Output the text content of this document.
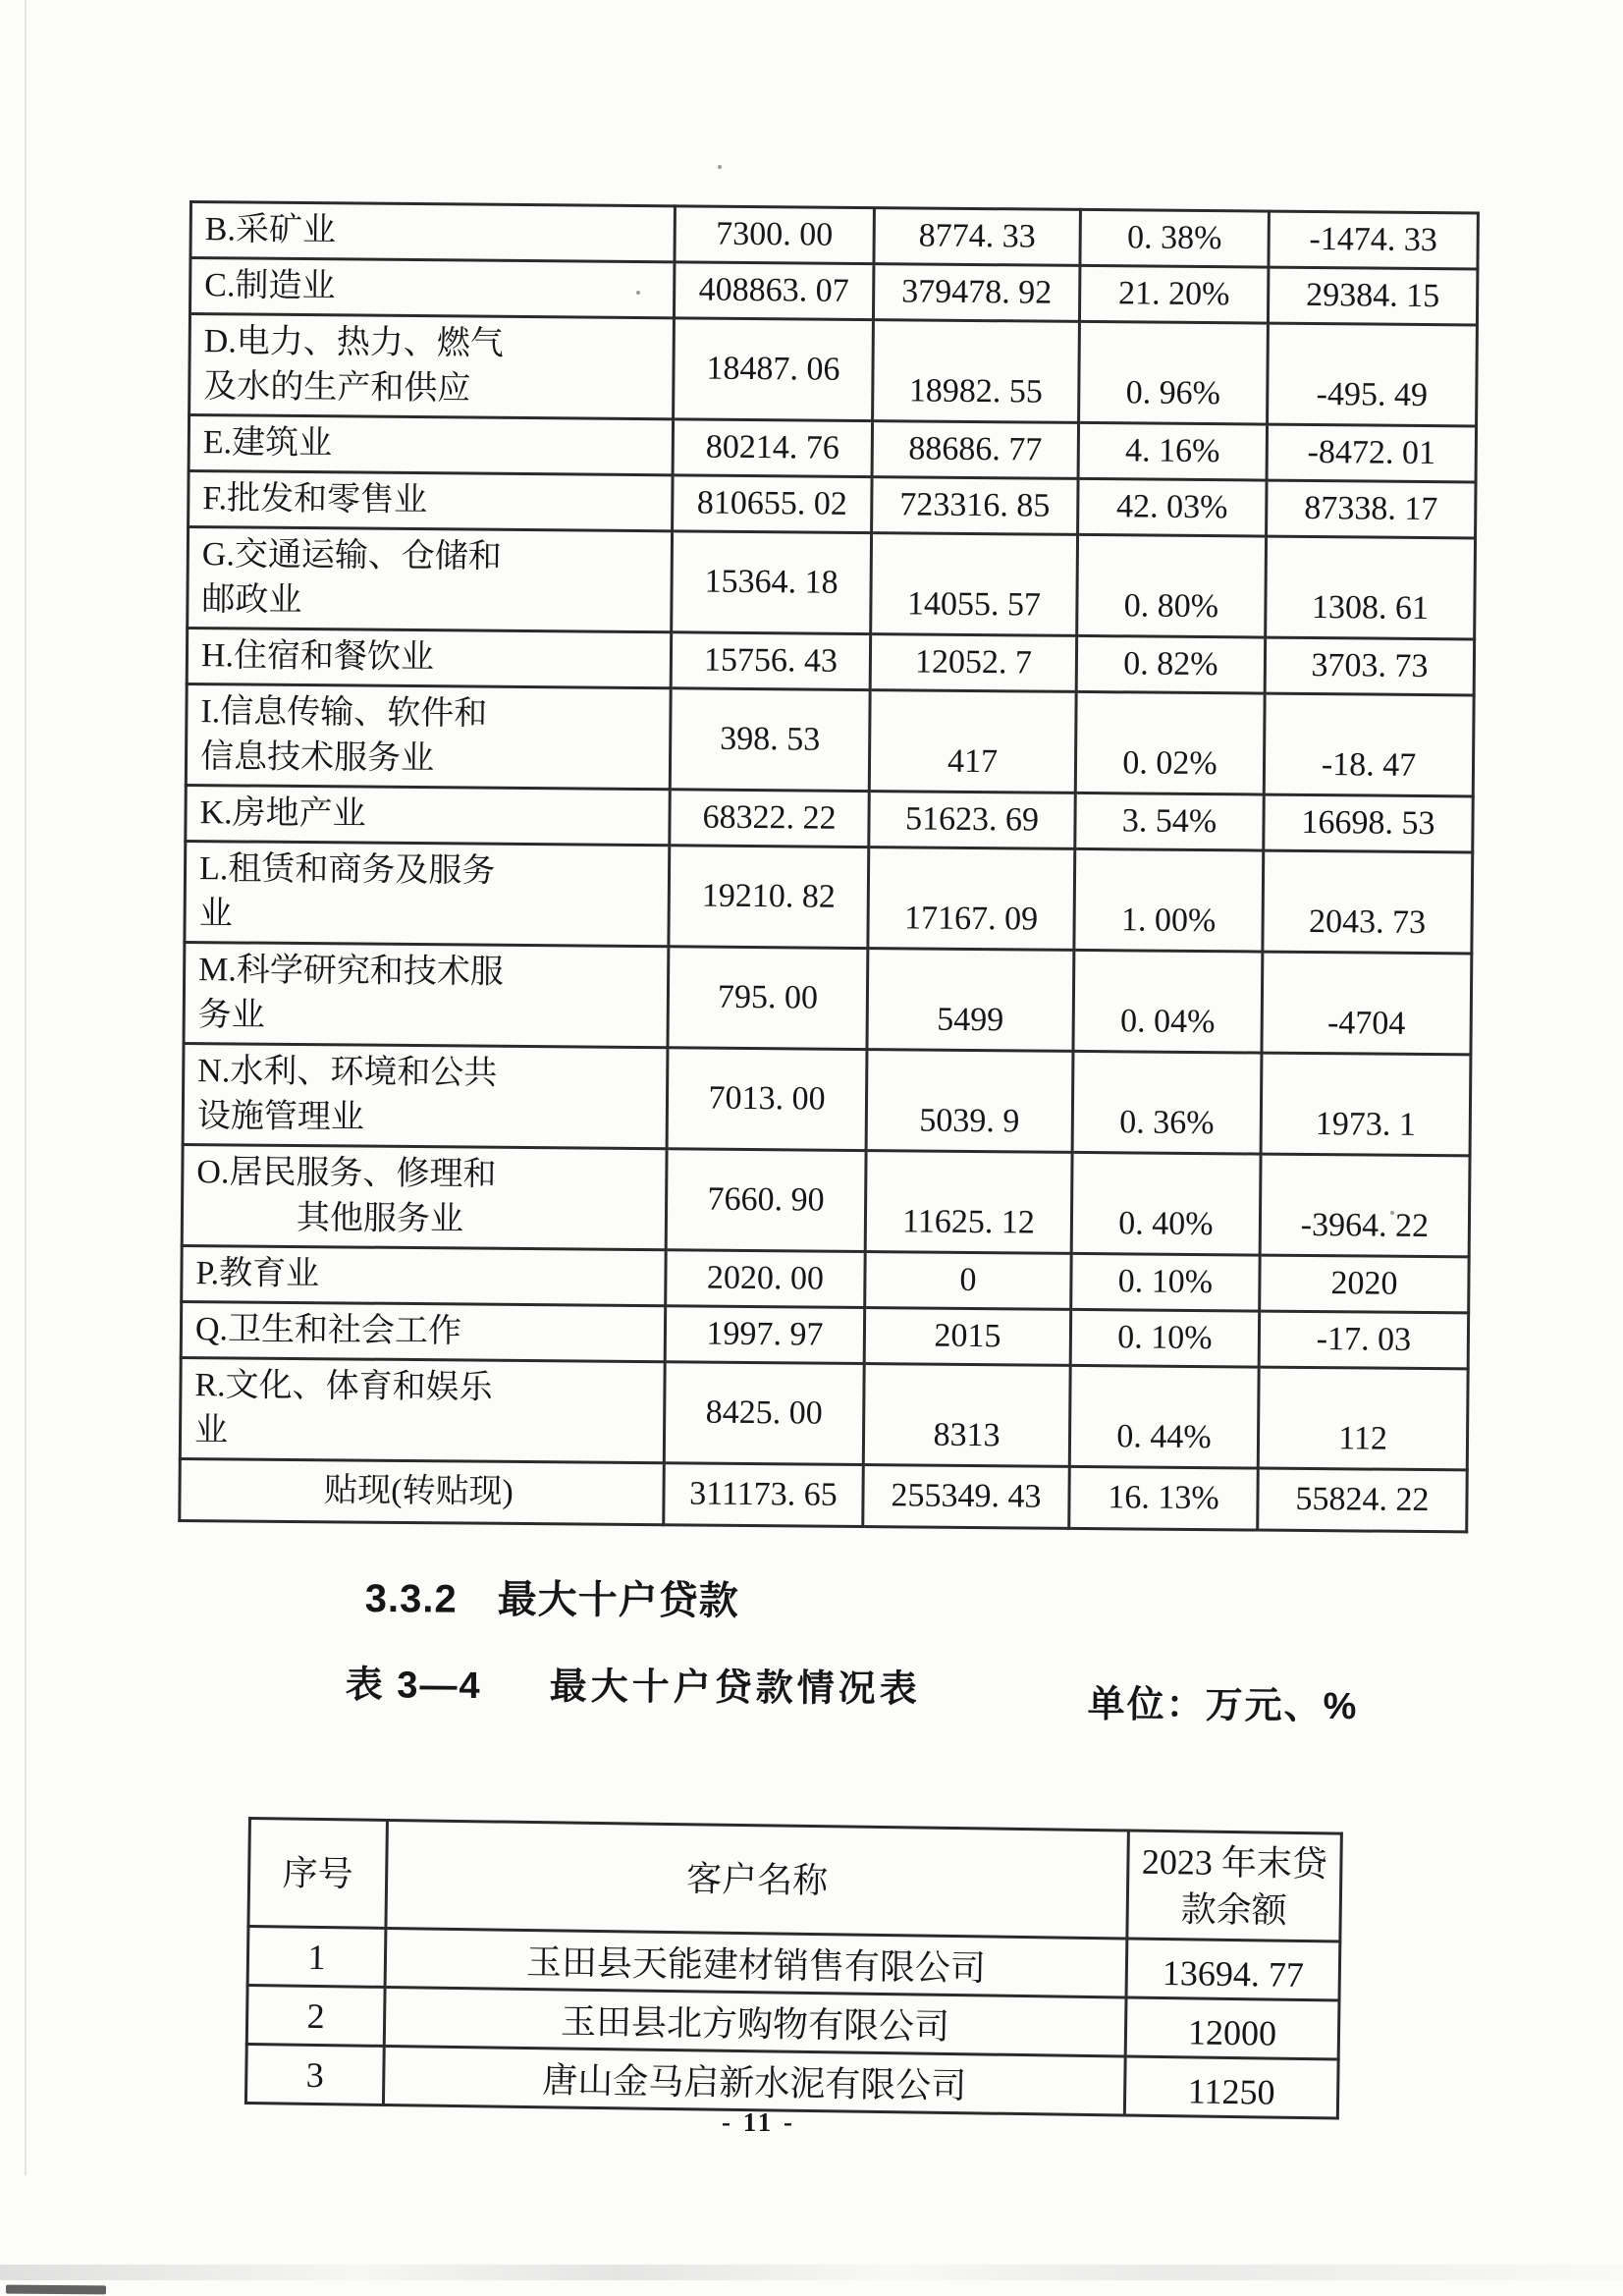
B.采矿业	7300. 00	8774. 33	0. 38%	-1474. 33
C.制造业	408863. 07	379478. 92	21. 20%	29384. 15
D.电力、热力、燃气
及水的生产和供应	18487. 06	18982. 55	0. 96%	-495. 49
E.建筑业	80214. 76	88686. 77	4. 16%	-8472. 01
F.批发和零售业	810655. 02	723316. 85	42. 03%	87338. 17
G.交通运输、仓储和
邮政业	15364. 18	14055. 57	0. 80%	1308. 61
H.住宿和餐饮业	15756. 43	12052. 7	0. 82%	3703. 73
I.信息传输、软件和
信息技术服务业	398. 53	417	0. 02%	-18. 47
K.房地产业	68322. 22	51623. 69	3. 54%	16698. 53
L.租赁和商务及服务
业	19210. 82	17167. 09	1. 00%	2043. 73
M.科学研究和技术服
务业	795. 00	5499	0. 04%	-4704
N.水利、环境和公共
设施管理业	7013. 00	5039. 9	0. 36%	1973. 1
O.居民服务、修理和
　　　其他服务业	7660. 90	11625. 12	0. 40%	-3964. 22
P.教育业	2020. 00	0	0. 10%	2020
Q.卫生和社会工作	1997. 97	2015	0. 10%	-17. 03
R.文化、体育和娱乐
业	8425. 00	8313	0. 44%	112
贴现(转贴现)	311173. 65	255349. 43	16. 13%	55824. 22
3.3.2　最大十户贷款
表 3—4 最大十户贷款情况表	单位：万元、%
序号	客户名称	2023 年末贷
款余额
1	玉田县天能建材销售有限公司	13694. 77
2	玉田县北方购物有限公司	12000
3	唐山金马启新水泥有限公司	11250
- 11 -
